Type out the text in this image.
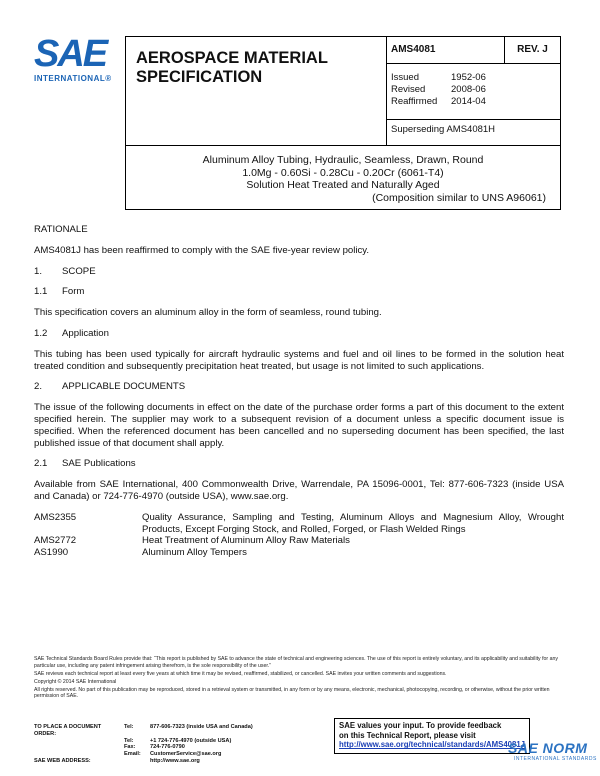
SAE
INTERNATIONAL®
AEROSPACE MATERIAL
SPECIFICATION
AMS4081	REV. J
Issued	1952-06
Revised	2008-06
Reaffirmed	2014-04
Superseding AMS4081H
Aluminum Alloy Tubing, Hydraulic, Seamless, Drawn, Round
1.0Mg - 0.60Si - 0.28Cu - 0.20Cr (6061-T4)
Solution Heat Treated and Naturally Aged
(Composition similar to UNS A96061)
RATIONALE
AMS4081J has been reaffirmed to comply with the SAE five-year review policy.
1.	SCOPE
1.1	Form
This specification covers an aluminum alloy in the form of seamless, round tubing.
1.2	Application
This tubing has been used typically for aircraft hydraulic systems and fuel and oil lines to be formed in the solution heat treated condition and subsequently precipitation heat treated, but usage is not limited to such applications.
2.	APPLICABLE DOCUMENTS
The issue of the following documents in effect on the date of the purchase order forms a part of this document to the extent specified herein. The supplier may work to a subsequent revision of a document unless a specific document issue is specified. When the referenced document has been cancelled and no superseding document has been specified, the last published issue of that document shall apply.
2.1	SAE Publications
Available from SAE International, 400 Commonwealth Drive, Warrendale, PA 15096-0001, Tel: 877-606-7323 (inside USA and Canada) or 724-776-4970 (outside USA), www.sae.org.
AMS2355	Quality Assurance, Sampling and Testing, Aluminum Alloys and Magnesium Alloy, Wrought Products, Except Forging Stock, and Rolled, Forged, or Flash Welded Rings
AMS2772	Heat Treatment of Aluminum Alloy Raw Materials
AS1990	Aluminum Alloy Tempers

SAE Technical Standards Board Rules provide that: “This report is published by SAE to advance the state of technical and engineering sciences. The use of this report is entirely voluntary, and its applicability and suitability for any particular use, including any patent infringement arising therefrom, is the sole responsibility of the user.”

SAE reviews each technical report at least every five years at which time it may be revised, reaffirmed, stabilized, or cancelled. SAE invites your written comments and suggestions.

Copyright © 2014 SAE International

All rights reserved. No part of this publication may be reproduced, stored in a retrieval system or transmitted, in any form or by any means, electronic, mechanical, photocopying, recording, or otherwise, without the prior written permission of SAE.

TO PLACE A DOCUMENT ORDER:
Tel:	877-606-7323 (inside USA and Canada)
Tel:	+1 724-776-4970 (outside USA)
Fax:	724-776-0790
Email:	CustomerService@sae.org
SAE WEB ADDRESS:	http://www.sae.org
SAE values your input. To provide feedback
on this Technical Report, please visit
http://www.sae.org/technical/standards/AMS4081J
SAE NORM
INTERNATIONAL STANDARDS
